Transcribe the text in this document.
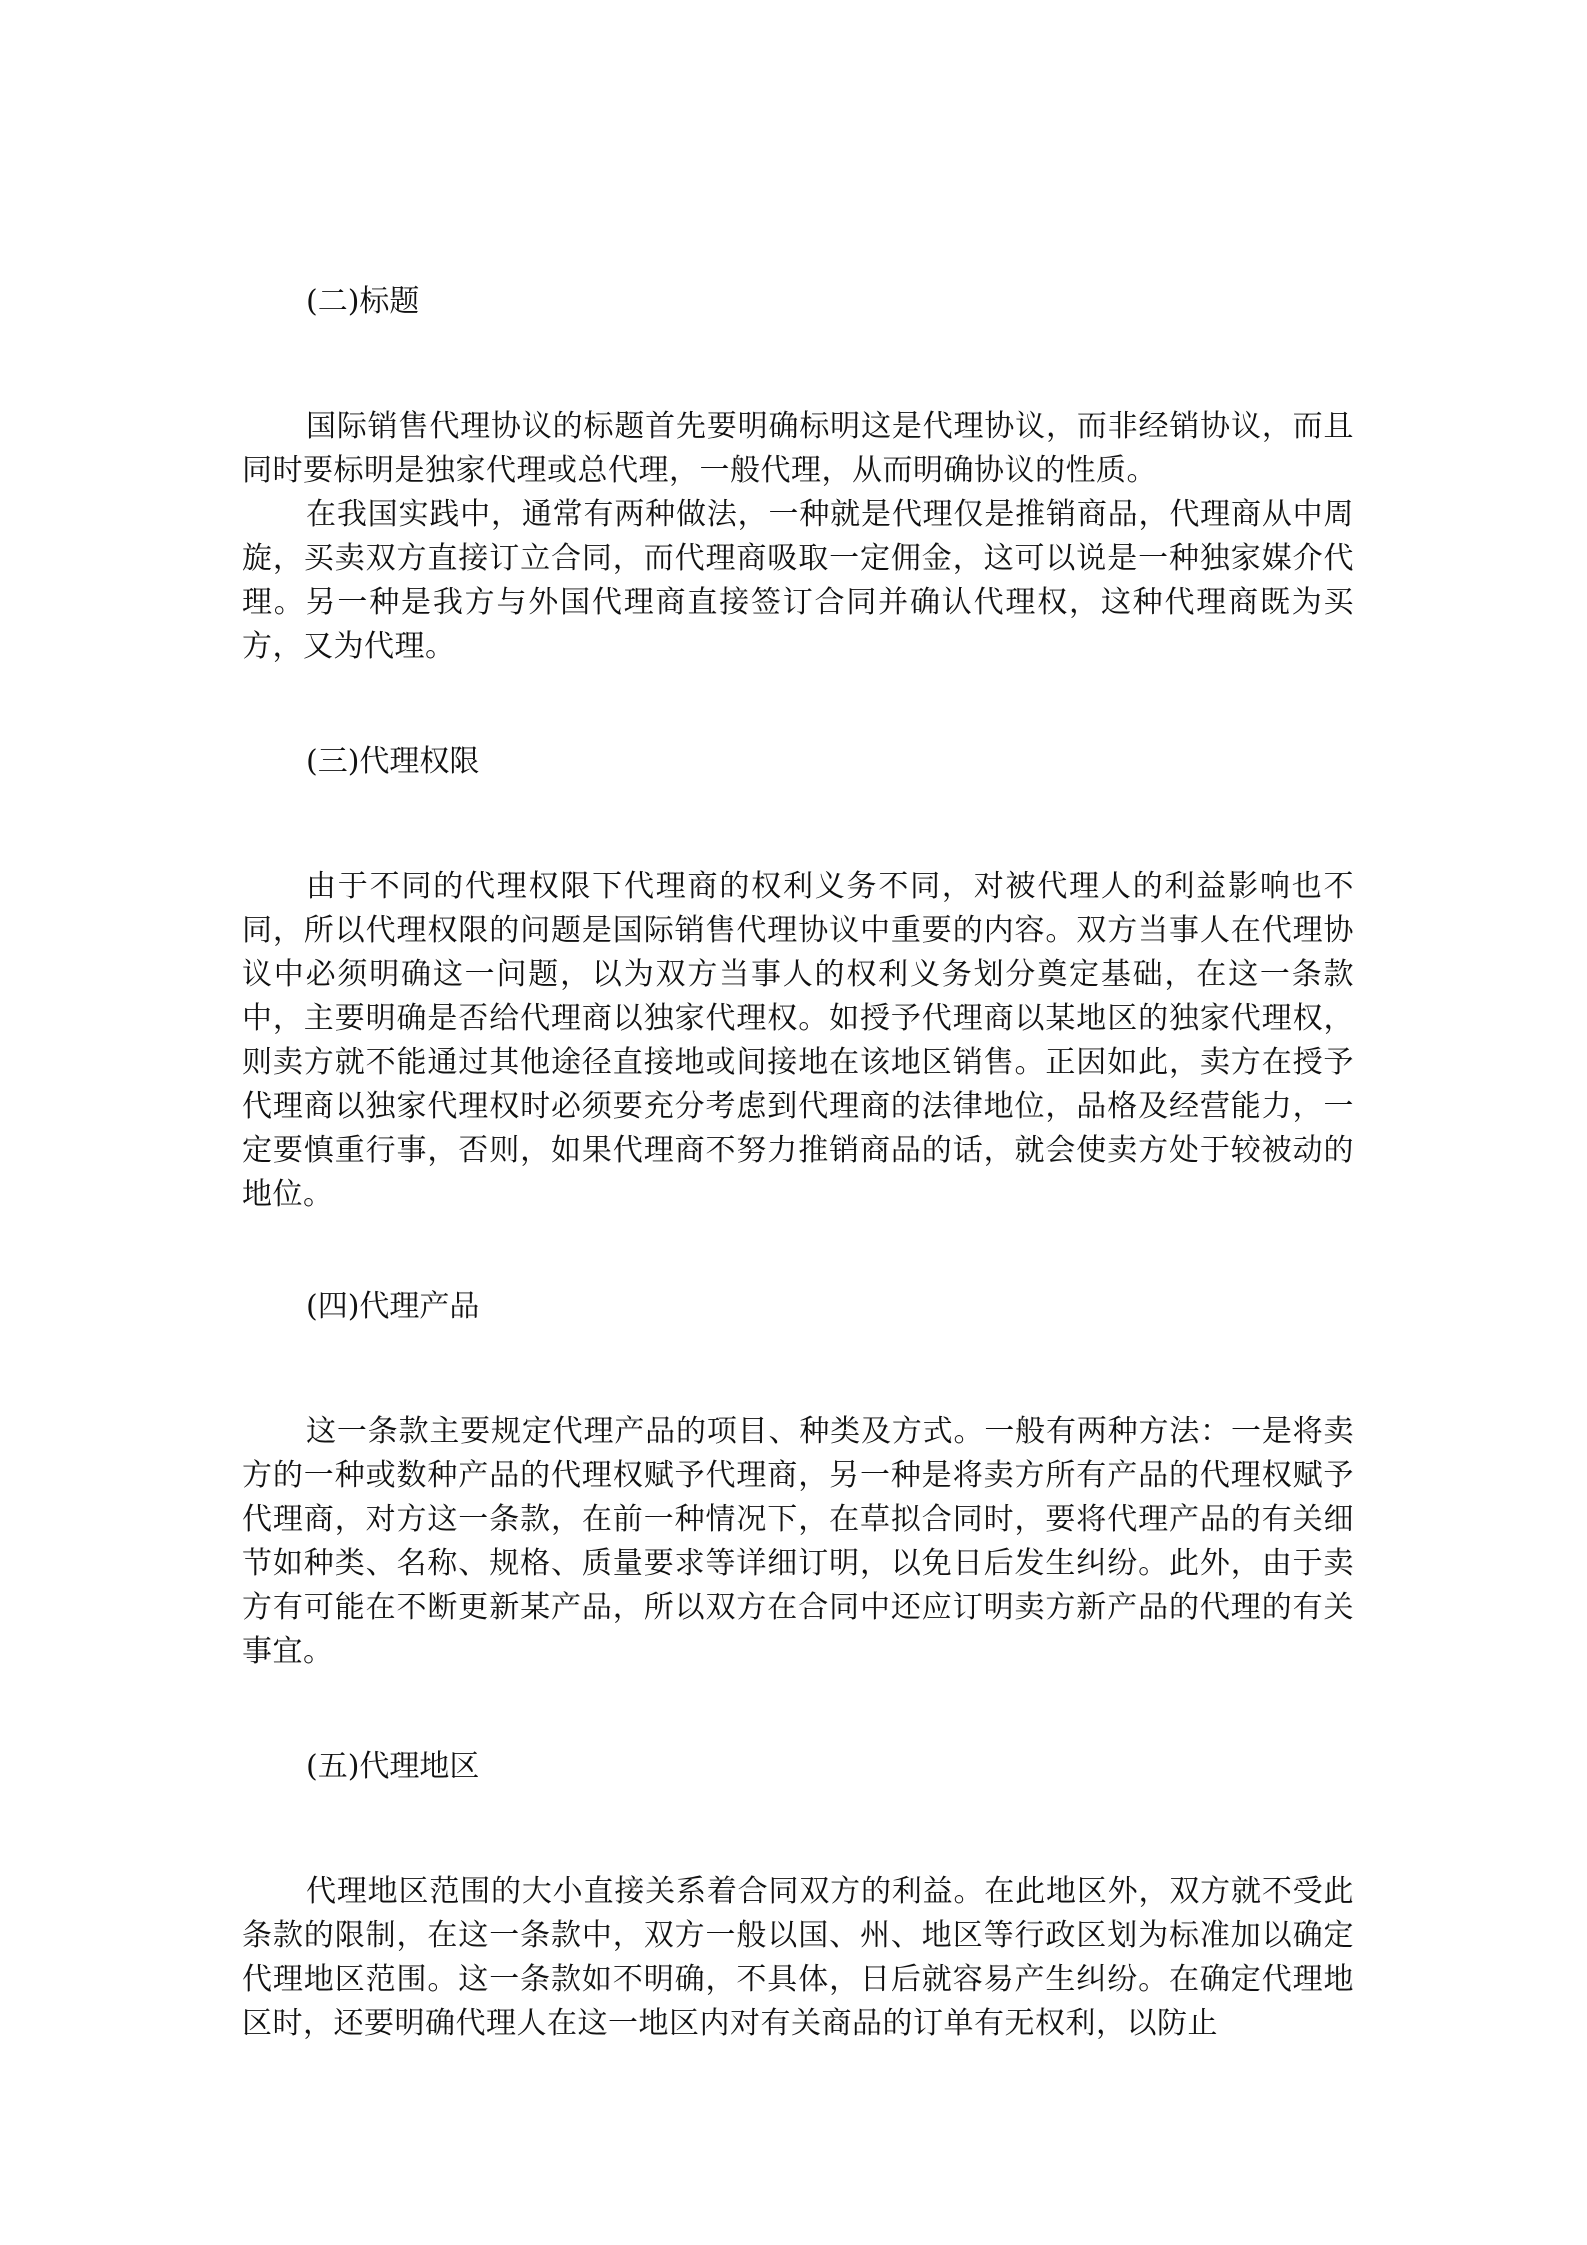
(二)标题

国际销售代理协议的标题首先要明确标明这是代理协议，而非经销协议，而且同时要标明是独家代理或总代理，一般代理，从而明确协议的性质。

在我国实践中，通常有两种做法，一种就是代理仅是推销商品，代理商从中周旋，买卖双方直接订立合同，而代理商吸取一定佣金，这可以说是一种独家媒介代理。另一种是我方与外国代理商直接签订合同并确认代理权，这种代理商既为买方，又为代理。

(三)代理权限

由于不同的代理权限下代理商的权利义务不同，对被代理人的利益影响也不同，所以代理权限的问题是国际销售代理协议中重要的内容。双方当事人在代理协议中必须明确这一问题，以为双方当事人的权利义务划分奠定基础，在这一条款中，主要明确是否给代理商以独家代理权。如授予代理商以某地区的独家代理权，则卖方就不能通过其他途径直接地或间接地在该地区销售。正因如此，卖方在授予代理商以独家代理权时必须要充分考虑到代理商的法律地位，品格及经营能力，一定要慎重行事，否则，如果代理商不努力推销商品的话，就会使卖方处于较被动的地位。

(四)代理产品

这一条款主要规定代理产品的项目、种类及方式。一般有两种方法：一是将卖方的一种或数种产品的代理权赋予代理商，另一种是将卖方所有产品的代理权赋予代理商，对方这一条款，在前一种情况下，在草拟合同时，要将代理产品的有关细节如种类、名称、规格、质量要求等详细订明，以免日后发生纠纷。此外，由于卖方有可能在不断更新某产品，所以双方在合同中还应订明卖方新产品的代理的有关事宜。

(五)代理地区

代理地区范围的大小直接关系着合同双方的利益。在此地区外，双方就不受此条款的限制，在这一条款中，双方一般以国、州、地区等行政区划为标准加以确定代理地区范围。这一条款如不明确，不具体，日后就容易产生纠纷。在确定代理地区时，还要明确代理人在这一地区内对有关商品的订单有无权利，以防止
